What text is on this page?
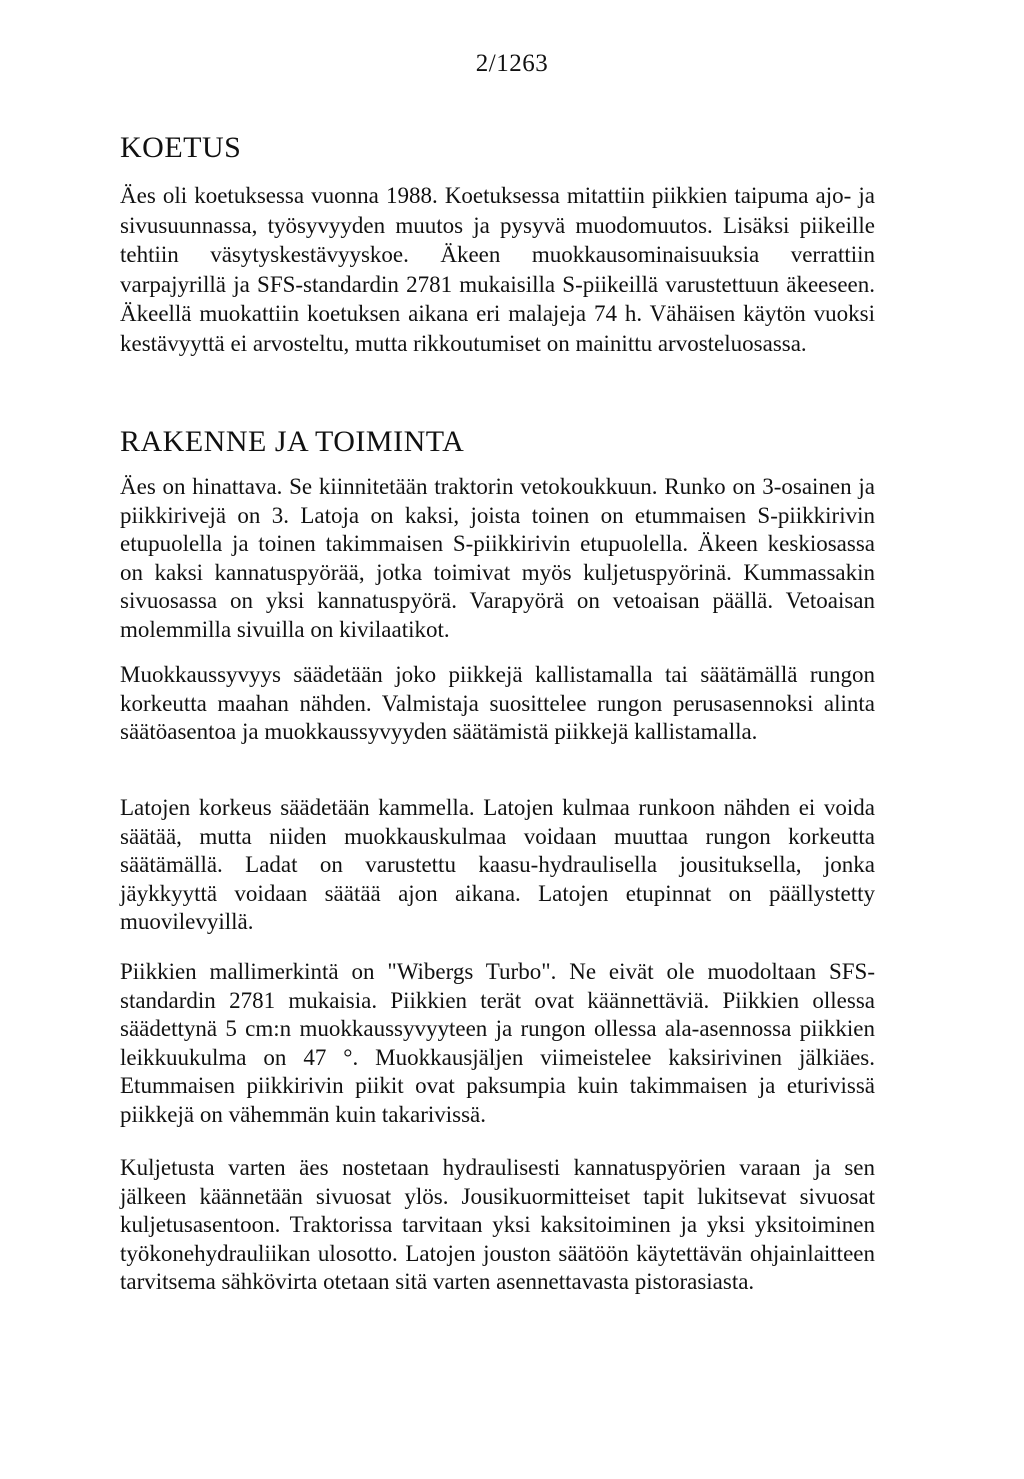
2/1263
KOETUS

Äes oli koetuksessa vuonna 1988. Koetuksessa mitattiin piikkien taipuma ajo- ja sivusuunnassa, työsyvyyden muutos ja pysyvä muodomuutos. Lisäksi piikeille tehtiin väsytyskestävyyskoe. Äkeen muokkausominaisuuksia verrattiin varpajyrillä ja SFS-standardin 2781 mukaisilla S-piikeillä varustettuun äkeeseen. Äkeellä muokattiin koetuksen aikana eri malajeja 74 h. Vähäisen käytön vuoksi kestävyyttä ei arvosteltu, mutta rikkoutumiset on mainittu arvosteluosassa.

RAKENNE JA TOIMINTA

Äes on hinattava. Se kiinnitetään traktorin vetokoukkuun. Runko on 3-osainen ja piikkirivejä on 3. Latoja on kaksi, joista toinen on etummaisen S-piikkirivin etupuolella ja toinen takimmaisen S-piikkirivin etupuolella. Äkeen keskiosassa on kaksi kannatuspyörää, jotka toimivat myös kuljetuspyörinä. Kummassakin sivuosassa on yksi kannatuspyörä. Varapyörä on vetoaisan päällä. Vetoaisan molemmilla sivuilla on kivilaatikot.

Muokkaussyvyys säädetään joko piikkejä kallistamalla tai säätämällä rungon korkeutta maahan nähden. Valmistaja suosittelee rungon perusasennoksi alinta säätöasentoa ja muokkaussyvyyden säätämistä piikkejä kallistamalla.

Latojen korkeus säädetään kammella. Latojen kulmaa runkoon nähden ei voida säätää, mutta niiden muokkauskulmaa voidaan muuttaa rungon korkeutta säätämällä. Ladat on varustettu kaasu-hydraulisella jousituksella, jonka jäykkyyttä voidaan säätää ajon aikana. Latojen etupinnat on päällystetty muovilevyillä.

Piikkien mallimerkintä on "Wibergs Turbo". Ne eivät ole muodoltaan SFS-standardin 2781 mukaisia. Piikkien terät ovat käännettäviä. Piikkien ollessa säädettynä 5 cm:n muokkaussyvyyteen ja rungon ollessa ala-asennossa piikkien leikkuukulma on 47 °. Muokkausjäljen viimeistelee kaksirivinen jälkiäes. Etummaisen piikkirivin piikit ovat paksumpia kuin takimmaisen ja eturivissä piikkejä on vähemmän kuin takarivissä.

Kuljetusta varten äes nostetaan hydraulisesti kannatuspyörien varaan ja sen jälkeen käännetään sivuosat ylös. Jousikuormitteiset tapit lukitsevat sivuosat kuljetusasentoon. Traktorissa tarvitaan yksi kaksitoiminen ja yksi yksitoiminen työkonehydrauliikan ulosotto. Latojen jouston säätöön käytettävän ohjainlaitteen tarvitsema sähkövirta otetaan sitä varten asennettavasta pistorasiasta.
